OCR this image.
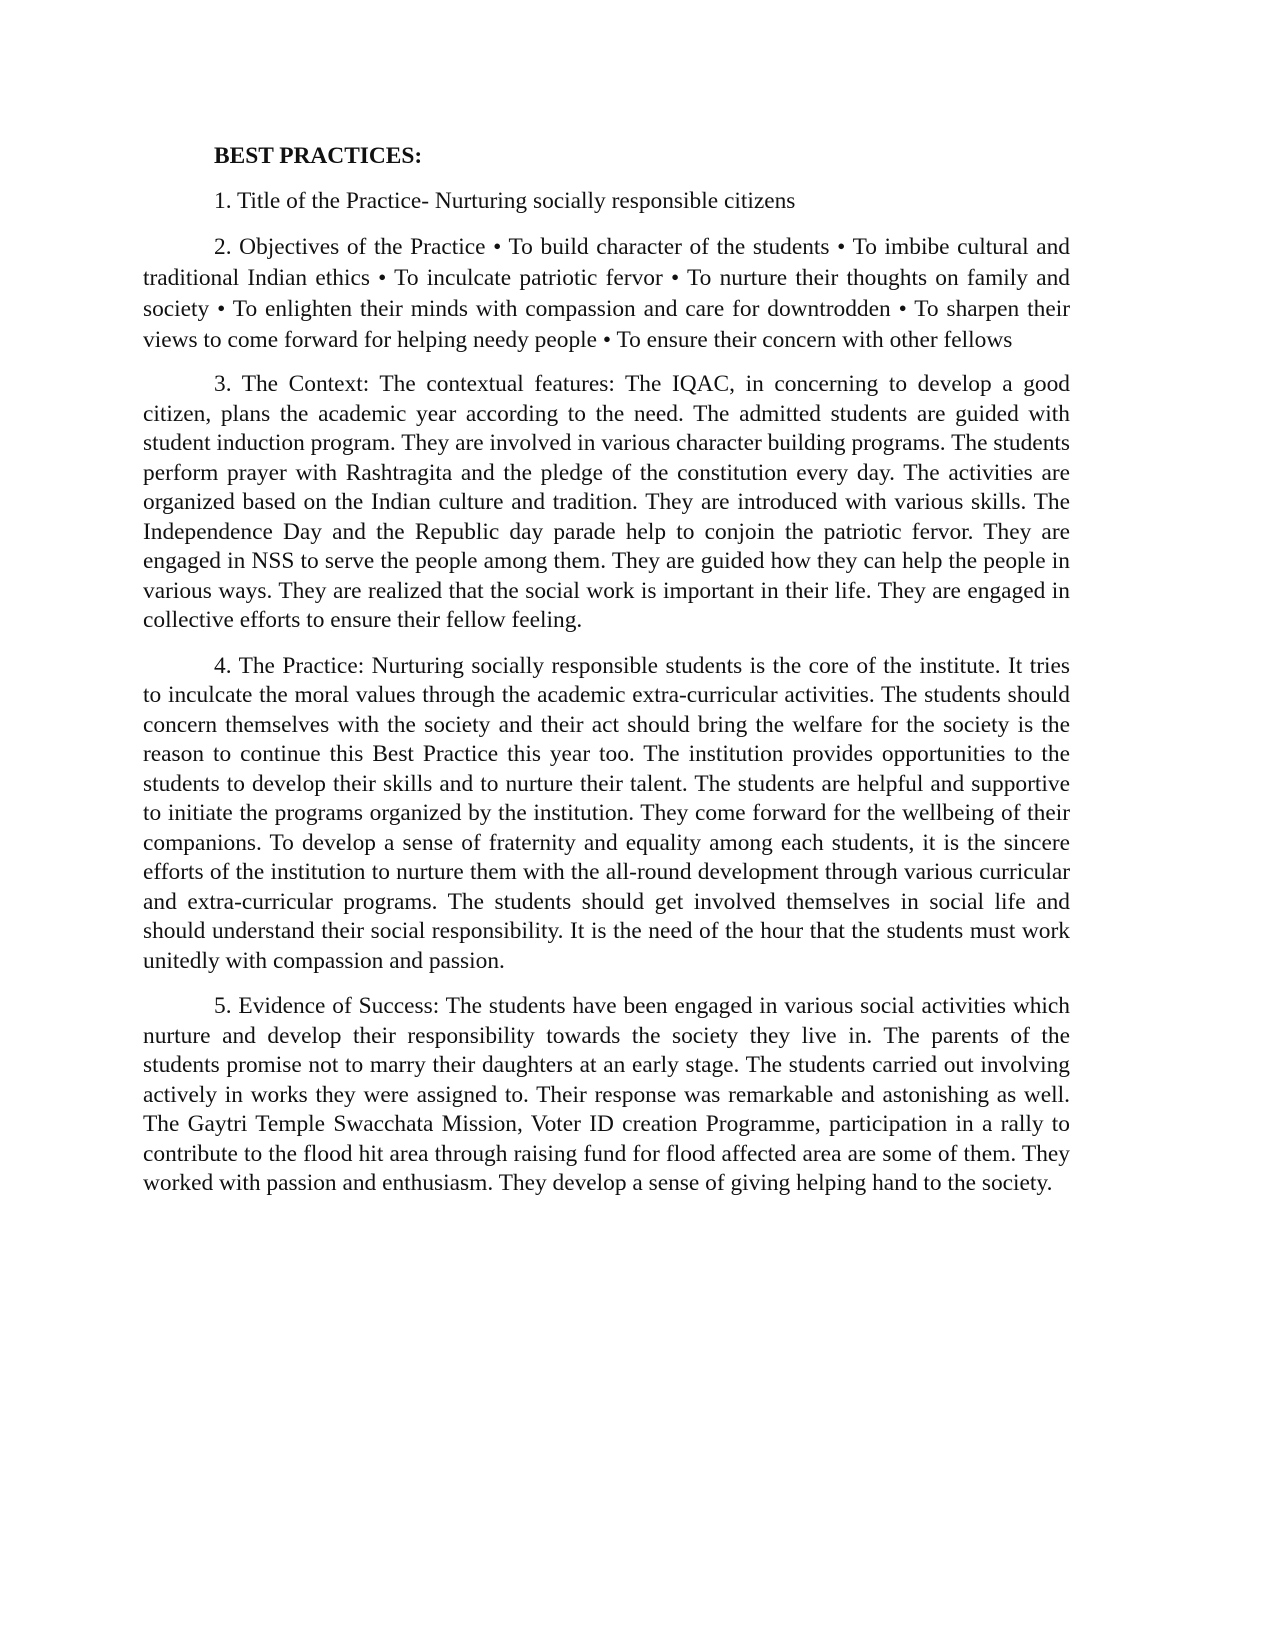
BEST PRACTICES:

1. Title of the Practice- Nurturing socially responsible citizens

2. Objectives of the Practice • To build character of the students • To imbibe cultural and traditional Indian ethics • To inculcate patriotic fervor • To nurture their thoughts on family and society • To enlighten their minds with compassion and care for downtrodden • To sharpen their views to come forward for helping needy people • To ensure their concern with other fellows

3. The Context: The contextual features: The IQAC, in concerning to develop a good citizen, plans the academic year according to the need. The admitted students are guided with student induction program. They are involved in various character building programs. The students perform prayer with Rashtragita and the pledge of the constitution every day. The activities are organized based on the Indian culture and tradition. They are introduced with various skills. The Independence Day and the Republic day parade help to conjoin the patriotic fervor. They are engaged in NSS to serve the people among them. They are guided how they can help the people in various ways. They are realized that the social work is important in their life. They are engaged in collective efforts to ensure their fellow feeling.

4. The Practice: Nurturing socially responsible students is the core of the institute. It tries to inculcate the moral values through the academic extra-curricular activities. The students should concern themselves with the society and their act should bring the welfare for the society is the reason to continue this Best Practice this year too. The institution provides opportunities to the students to develop their skills and to nurture their talent. The students are helpful and supportive to initiate the programs organized by the institution. They come forward for the wellbeing of their companions. To develop a sense of fraternity and equality among each students, it is the sincere efforts of the institution to nurture them with the all-round development through various curricular and extra-curricular programs. The students should get involved themselves in social life and should understand their social responsibility. It is the need of the hour that the students must work unitedly with compassion and passion.

5. Evidence of Success: The students have been engaged in various social activities which nurture and develop their responsibility towards the society they live in. The parents of the students promise not to marry their daughters at an early stage. The students carried out involving actively in works they were assigned to. Their response was remarkable and astonishing as well. The Gaytri Temple Swacchata Mission, Voter ID creation Programme, participation in a rally to contribute to the flood hit area through raising fund for flood affected area are some of them. They worked with passion and enthusiasm. They develop a sense of giving helping hand to the society.
